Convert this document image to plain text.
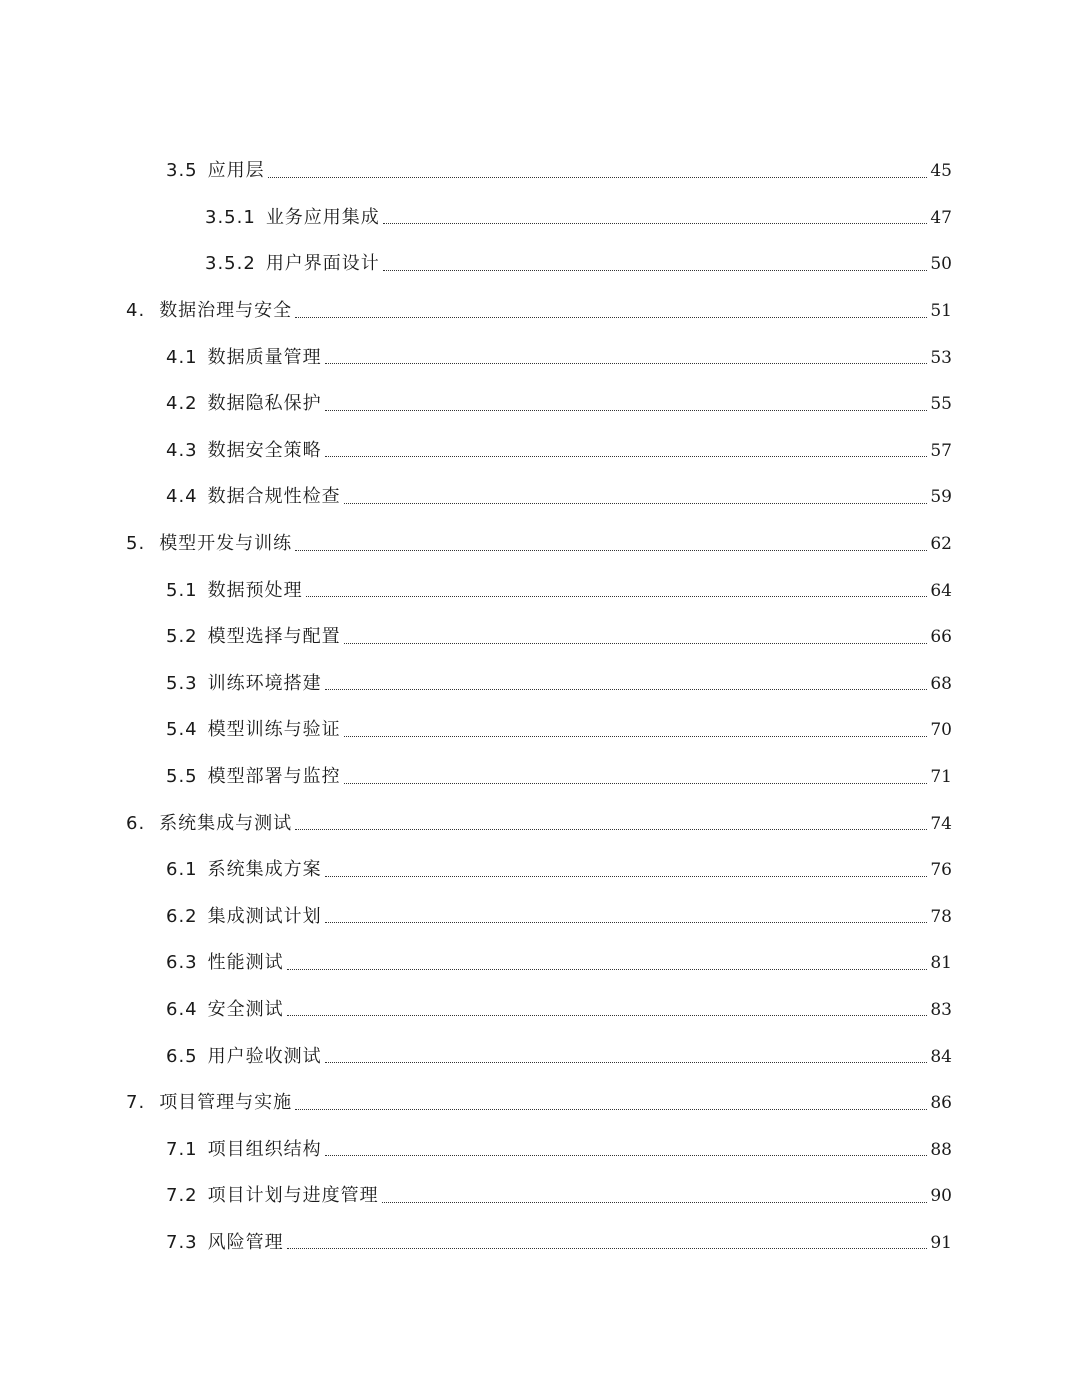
3.5 应用层	45
3.5.1 业务应用集成	47
3.5.2 用户界面设计	50
4. 数据治理与安全	51
4.1 数据质量管理	53
4.2 数据隐私保护	55
4.3 数据安全策略	57
4.4 数据合规性检查	59
5. 模型开发与训练	62
5.1 数据预处理	64
5.2 模型选择与配置	66
5.3 训练环境搭建	68
5.4 模型训练与验证	70
5.5 模型部署与监控	71
6. 系统集成与测试	74
6.1 系统集成方案	76
6.2 集成测试计划	78
6.3 性能测试	81
6.4 安全测试	83
6.5 用户验收测试	84
7. 项目管理与实施	86
7.1 项目组织结构	88
7.2 项目计划与进度管理	90
7.3 风险管理	91
